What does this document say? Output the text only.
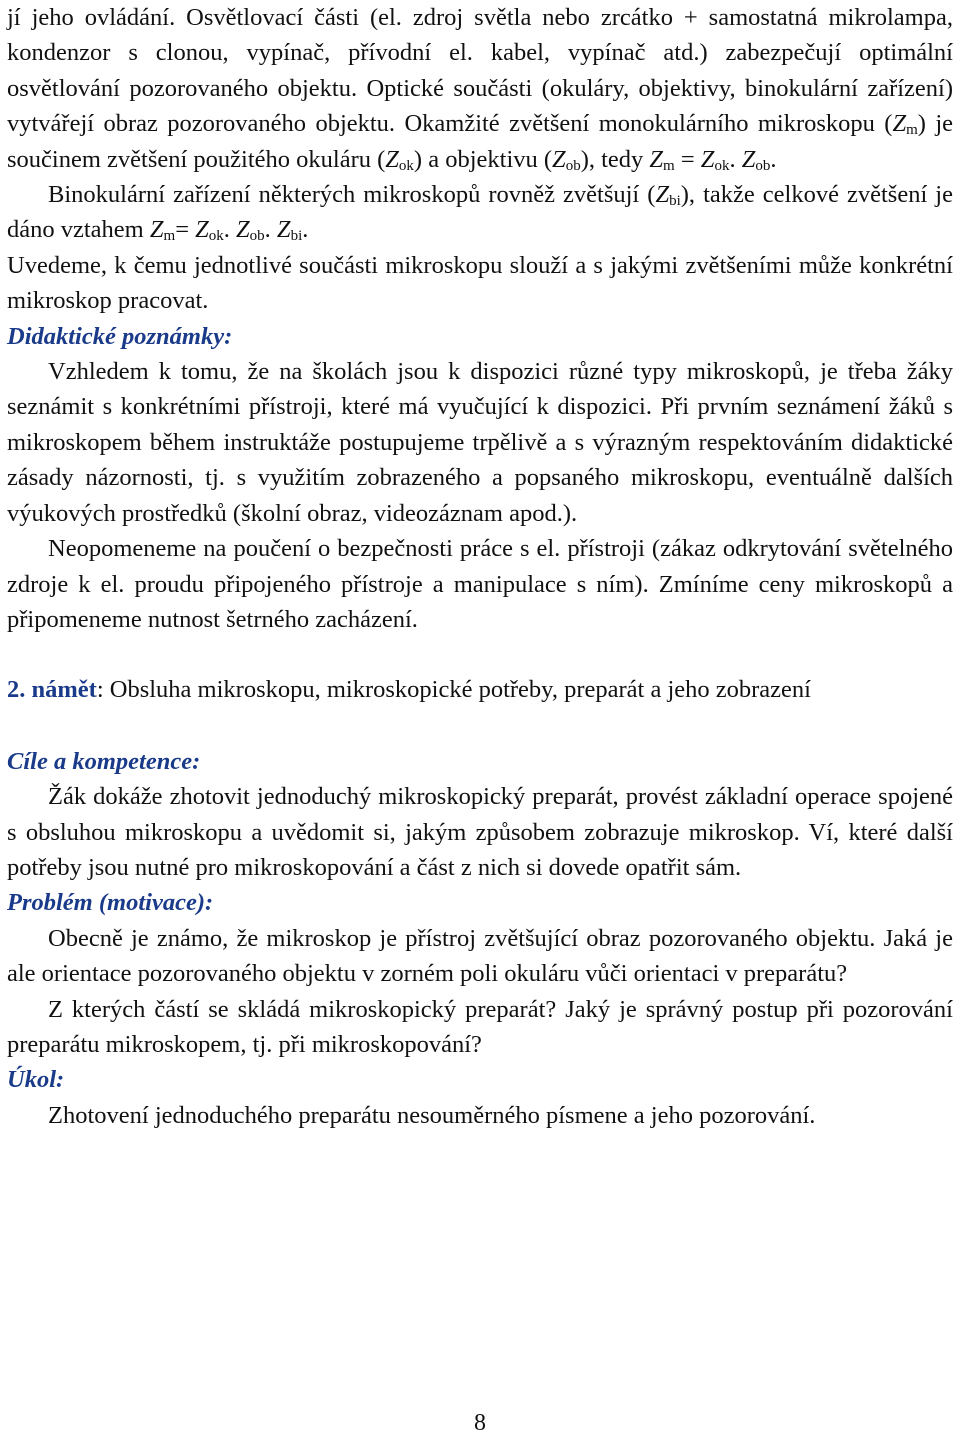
jí jeho ovládání. Osvětlovací části (el. zdroj světla nebo zrcátko + samostatná mikrolampa, kondenzor s clonou, vypínač, přívodní el. kabel, vypínač atd.) zabezpečují optimální osvětlování pozorovaného objektu. Optické součásti (okuláry, objektivy, binokulární zařízení) vytvářejí obraz pozorovaného objektu. Okamžité zvětšení monokulárního mikroskopu $(Z_m)$ je součinem zvětšení použitého okuláru $(Z_{ok})$ a objektivu $(Z_{ob})$, tedy $Z_m = Z_{ok}$. $Z_{ob}$.

Binokulární zařízení některých mikroskopů rovněž zvětšují $(Z_{bi})$, takže celkové zvětšení je dáno vztahem $Z_m= Z_{ok}$. $Z_{ob}$. $Z_{bi}$.

Uvedeme, k čemu jednotlivé součásti mikroskopu slouží a s jakými zvětšeními může konkrétní mikroskop pracovat.

Didaktické poznámky:

Vzhledem k tomu, že na školách jsou k dispozici různé typy mikroskopů, je třeba žáky seznámit s konkrétními přístroji, které má vyučující k dispozici. Při prvním seznámení žáků s mikroskopem během instruktáže postupujeme trpělivě a s výrazným respektováním didaktické zásady názornosti, tj. s využitím zobrazeného a popsaného mikroskopu, eventuálně dalších výukových prostředků (školní obraz, videozáznam apod.).

Neopomeneme na poučení o bezpečnosti práce s el. přístroji (zákaz odkrytování světelného zdroje k el. proudu připojeného přístroje a manipulace s ním). Zmíníme ceny mikroskopů a připomeneme nutnost šetrného zacházení.

2. námět: Obsluha mikroskopu, mikroskopické potřeby, preparát a jeho zobrazení

Cíle a kompetence:

Žák dokáže zhotovit jednoduchý mikroskopický preparát, provést základní operace spojené s obsluhou mikroskopu a uvědomit si, jakým způsobem zobrazuje mikroskop. Ví, které další potřeby jsou nutné pro mikroskopování a část z nich si dovede opatřit sám.

Problém (motivace):

Obecně je známo, že mikroskop je přístroj zvětšující obraz pozorovaného objektu. Jaká je ale orientace pozorovaného objektu v zorném poli okuláru vůči orientaci v preparátu?

Z kterých částí se skládá mikroskopický preparát? Jaký je správný postup při pozorování preparátu mikroskopem, tj. při mikroskopování?

Úkol:

Zhotovení jednoduchého preparátu nesouměrného písmene a jeho pozorování.

8
